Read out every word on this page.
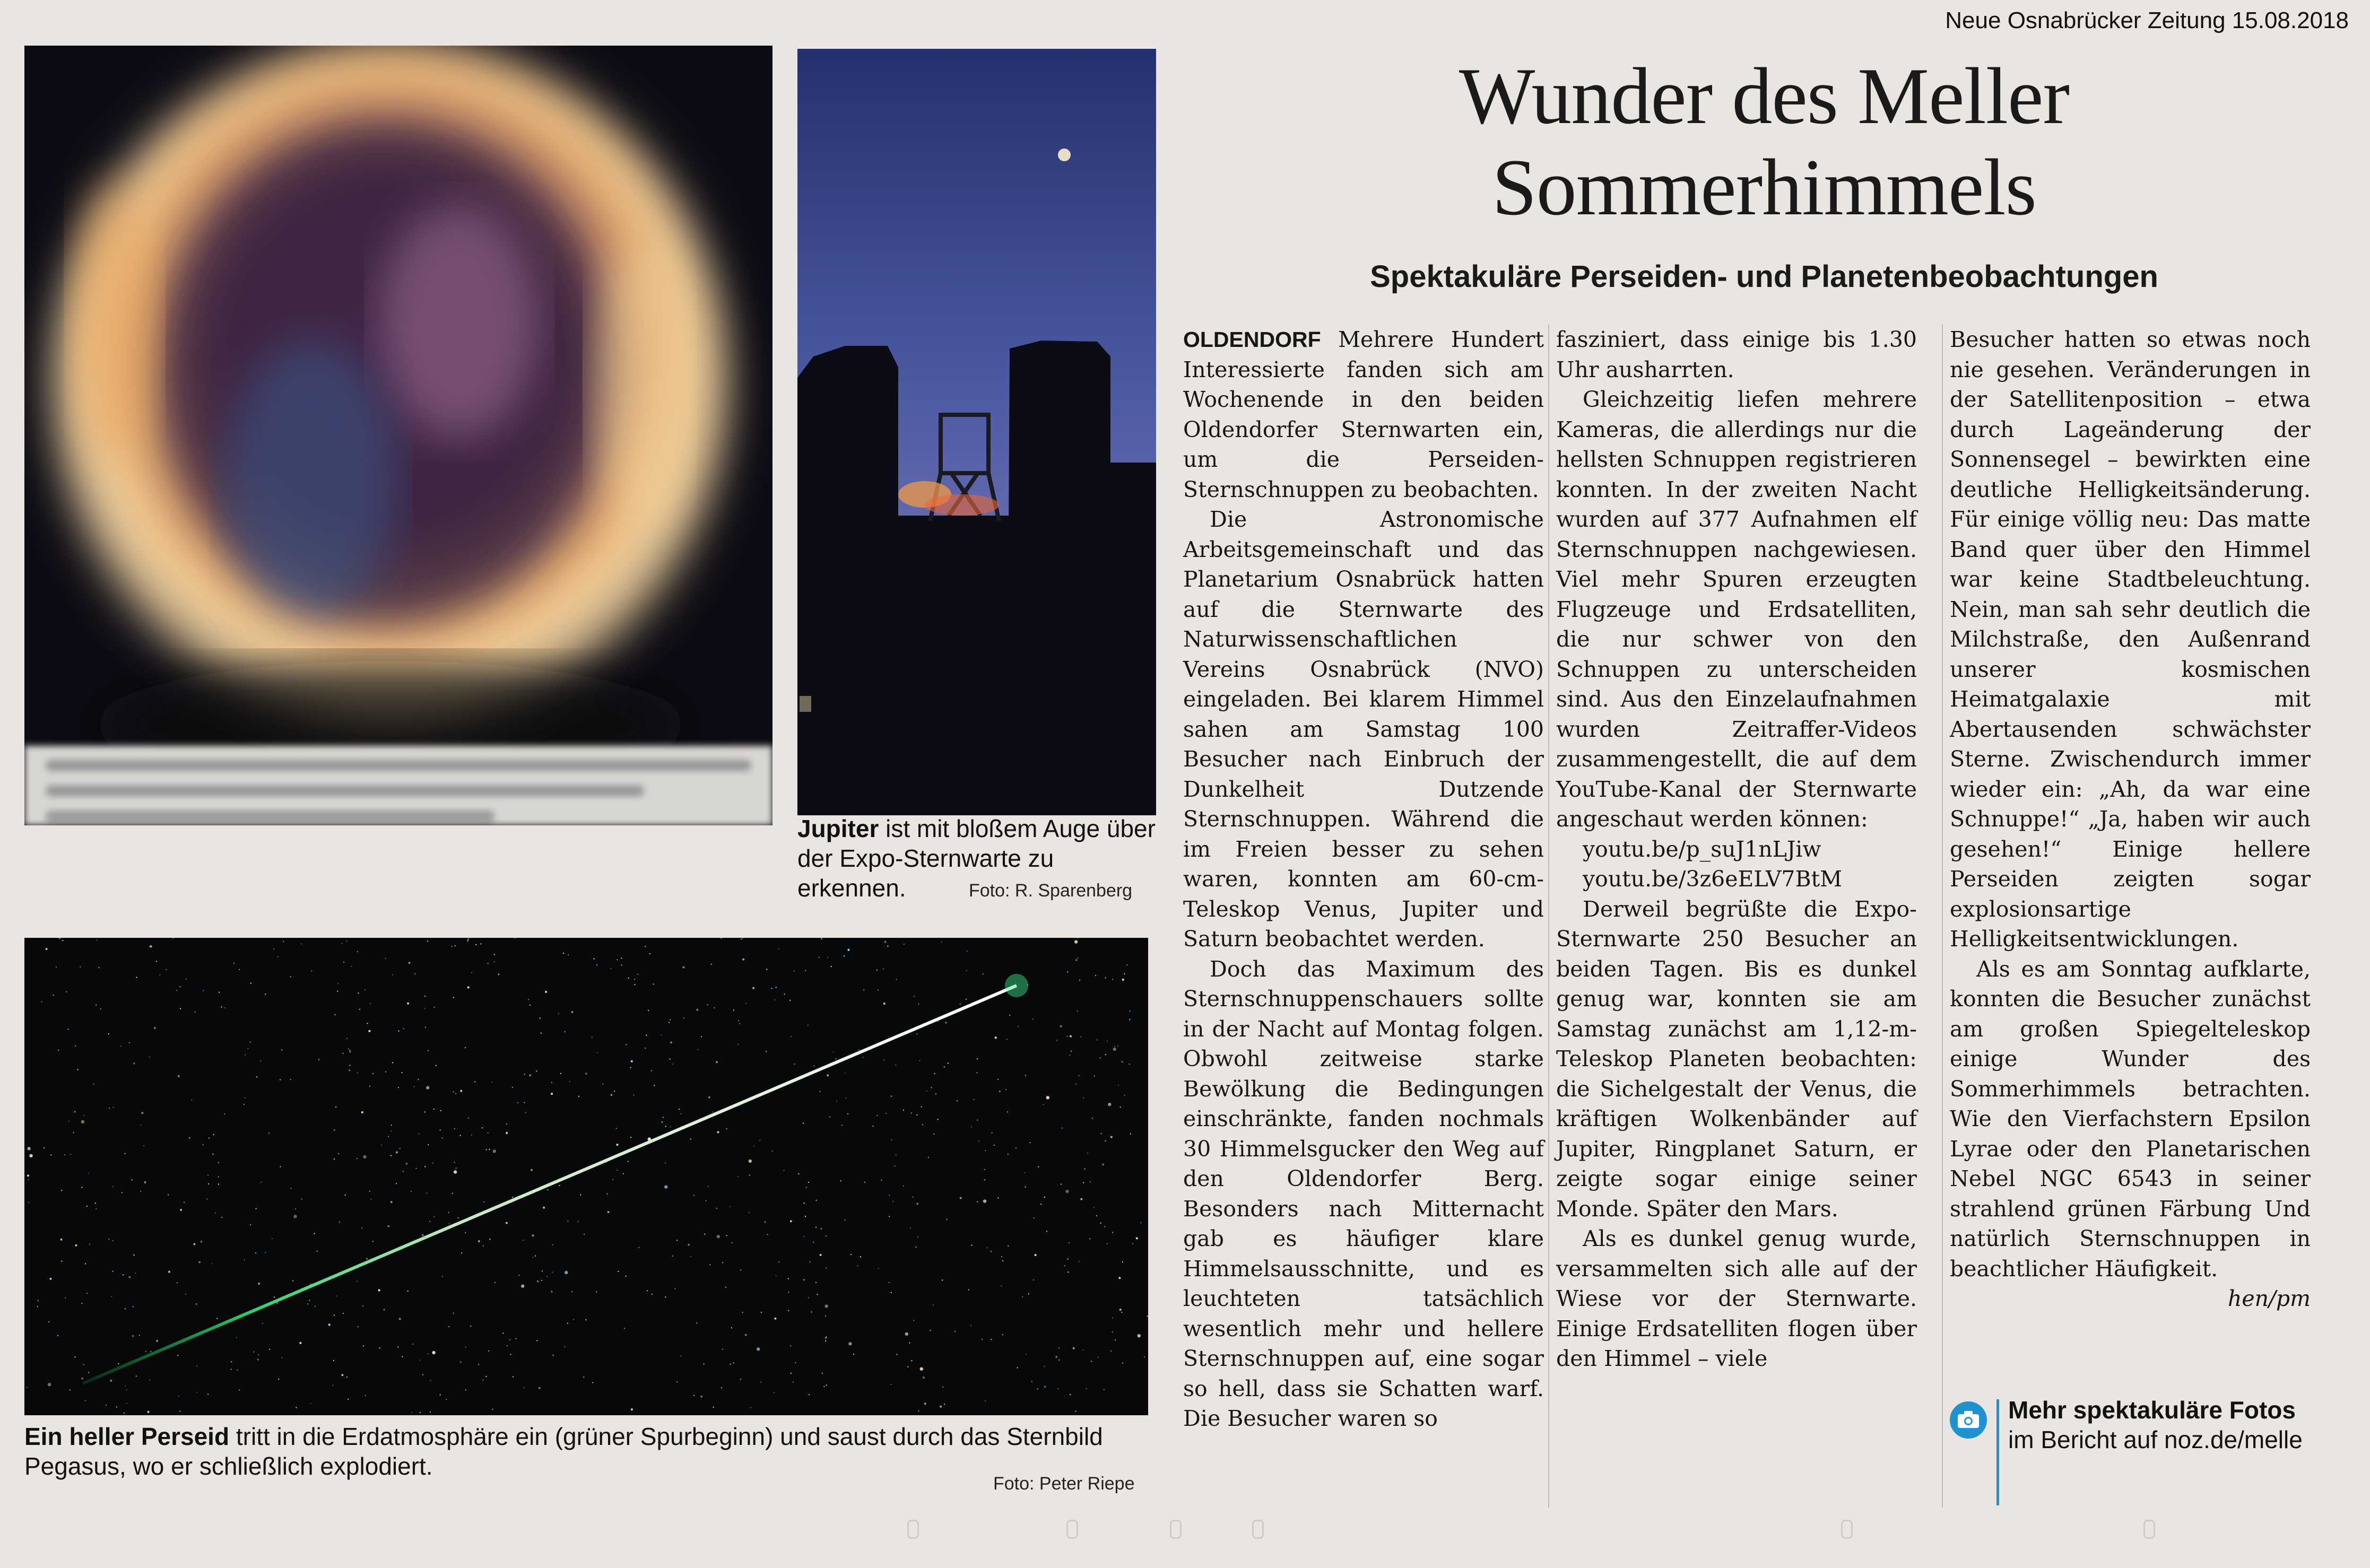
Neue Osnabrücker Zeitung 15.08.2018
Jupiter ist mit bloßem Auge über der Expo-Sternwarte zu erkennen.	Foto: R. Sparenberg
Ein heller Perseid tritt in die Erdatmosphäre ein (grüner Spurbeginn) und saust durch das Sternbild Pegasus, wo er schließlich explodiert.
Foto: Peter Riepe
Wunder des Meller Sommerhimmels
Spektakuläre Perseiden- und Planetenbeobachtungen

OLDENDORF Mehrere Hundert Interessierte fanden sich am Wochenende in den beiden Oldendorfer Sternwarten ein, um die Perseiden-Sternschnuppen zu beobachten.

Die Astronomische Arbeitsgemeinschaft und das Planetarium Osnabrück hatten auf die Sternwarte des Naturwissenschaftlichen Vereins Osnabrück (NVO) eingeladen. Bei klarem Himmel sahen am Samstag 100 Besucher nach Einbruch der Dunkelheit Dutzende Sternschnuppen. Während die im Freien besser zu sehen waren, konnten am 60-cm-Teleskop Venus, Jupiter und Saturn beobachtet werden.

Doch das Maximum des Sternschnuppenschauers sollte in der Nacht auf Montag folgen. Obwohl zeitweise starke Bewölkung die Bedingungen einschränkte, fanden nochmals 30 Himmelsgucker den Weg auf den Oldendorfer Berg. Besonders nach Mitternacht gab es häufiger klare Himmelsausschnitte, und es leuchteten tatsächlich wesentlich mehr und hellere Sternschnuppen auf, eine sogar so hell, dass sie Schatten warf. Die Besucher waren so

fasziniert, dass einige bis 1.30 Uhr ausharrten.

Gleichzeitig liefen mehrere Kameras, die allerdings nur die hellsten Schnuppen registrieren konnten. In der zweiten Nacht wurden auf 377 Aufnahmen elf Sternschnuppen nachgewiesen. Viel mehr Spuren erzeugten Flugzeuge und Erdsatelliten, die nur schwer von den Schnuppen zu unterscheiden sind. Aus den Einzelaufnahmen wurden Zeitraffer-Videos zusammengestellt, die auf dem YouTube-Kanal der Sternwarte angeschaut werden können:

youtu.be/p_suJ1nLJiw

youtu.be/3z6eELV7BtM

Derweil begrüßte die Expo-Sternwarte 250 Besucher an beiden Tagen. Bis es dunkel genug war, konnten sie am Samstag zunächst am 1,12-m-Teleskop Planeten beobachten: die Sichelgestalt der Venus, die kräftigen Wolkenbänder auf Jupiter, Ringplanet Saturn, er zeigte sogar einige seiner Monde. Später den Mars.

Als es dunkel genug wurde, versammelten sich alle auf der Wiese vor der Sternwarte. Einige Erdsatelliten flogen über den Himmel – viele

Besucher hatten so etwas noch nie gesehen. Veränderungen in der Satellitenposition – etwa durch Lageänderung der Sonnensegel – bewirkten eine deutliche Helligkeitsänderung. Für einige völlig neu: Das matte Band quer über den Himmel war keine Stadtbeleuchtung. Nein, man sah sehr deutlich die Milchstraße, den Außenrand unserer kosmischen Heimatgalaxie mit Abertausenden schwächster Sterne. Zwischendurch immer wieder ein: „Ah, da war eine Schnuppe!“ „Ja, haben wir auch gesehen!“ Einige hellere Perseiden zeigten sogar explosionsartige Helligkeitsentwicklungen.

Als es am Sonntag aufklarte, konnten die Besucher zunächst am großen Spiegelteleskop einige Wunder des Sommerhimmels betrachten. Wie den Vierfachstern Epsilon Lyrae oder den Planetarischen Nebel NGC 6543 in seiner strahlend grünen Färbung Und natürlich Sternschnuppen in beachtlicher Häufigkeit.

hen/pm

Mehr spektakuläre Fotos im Bericht auf noz.de/melle
